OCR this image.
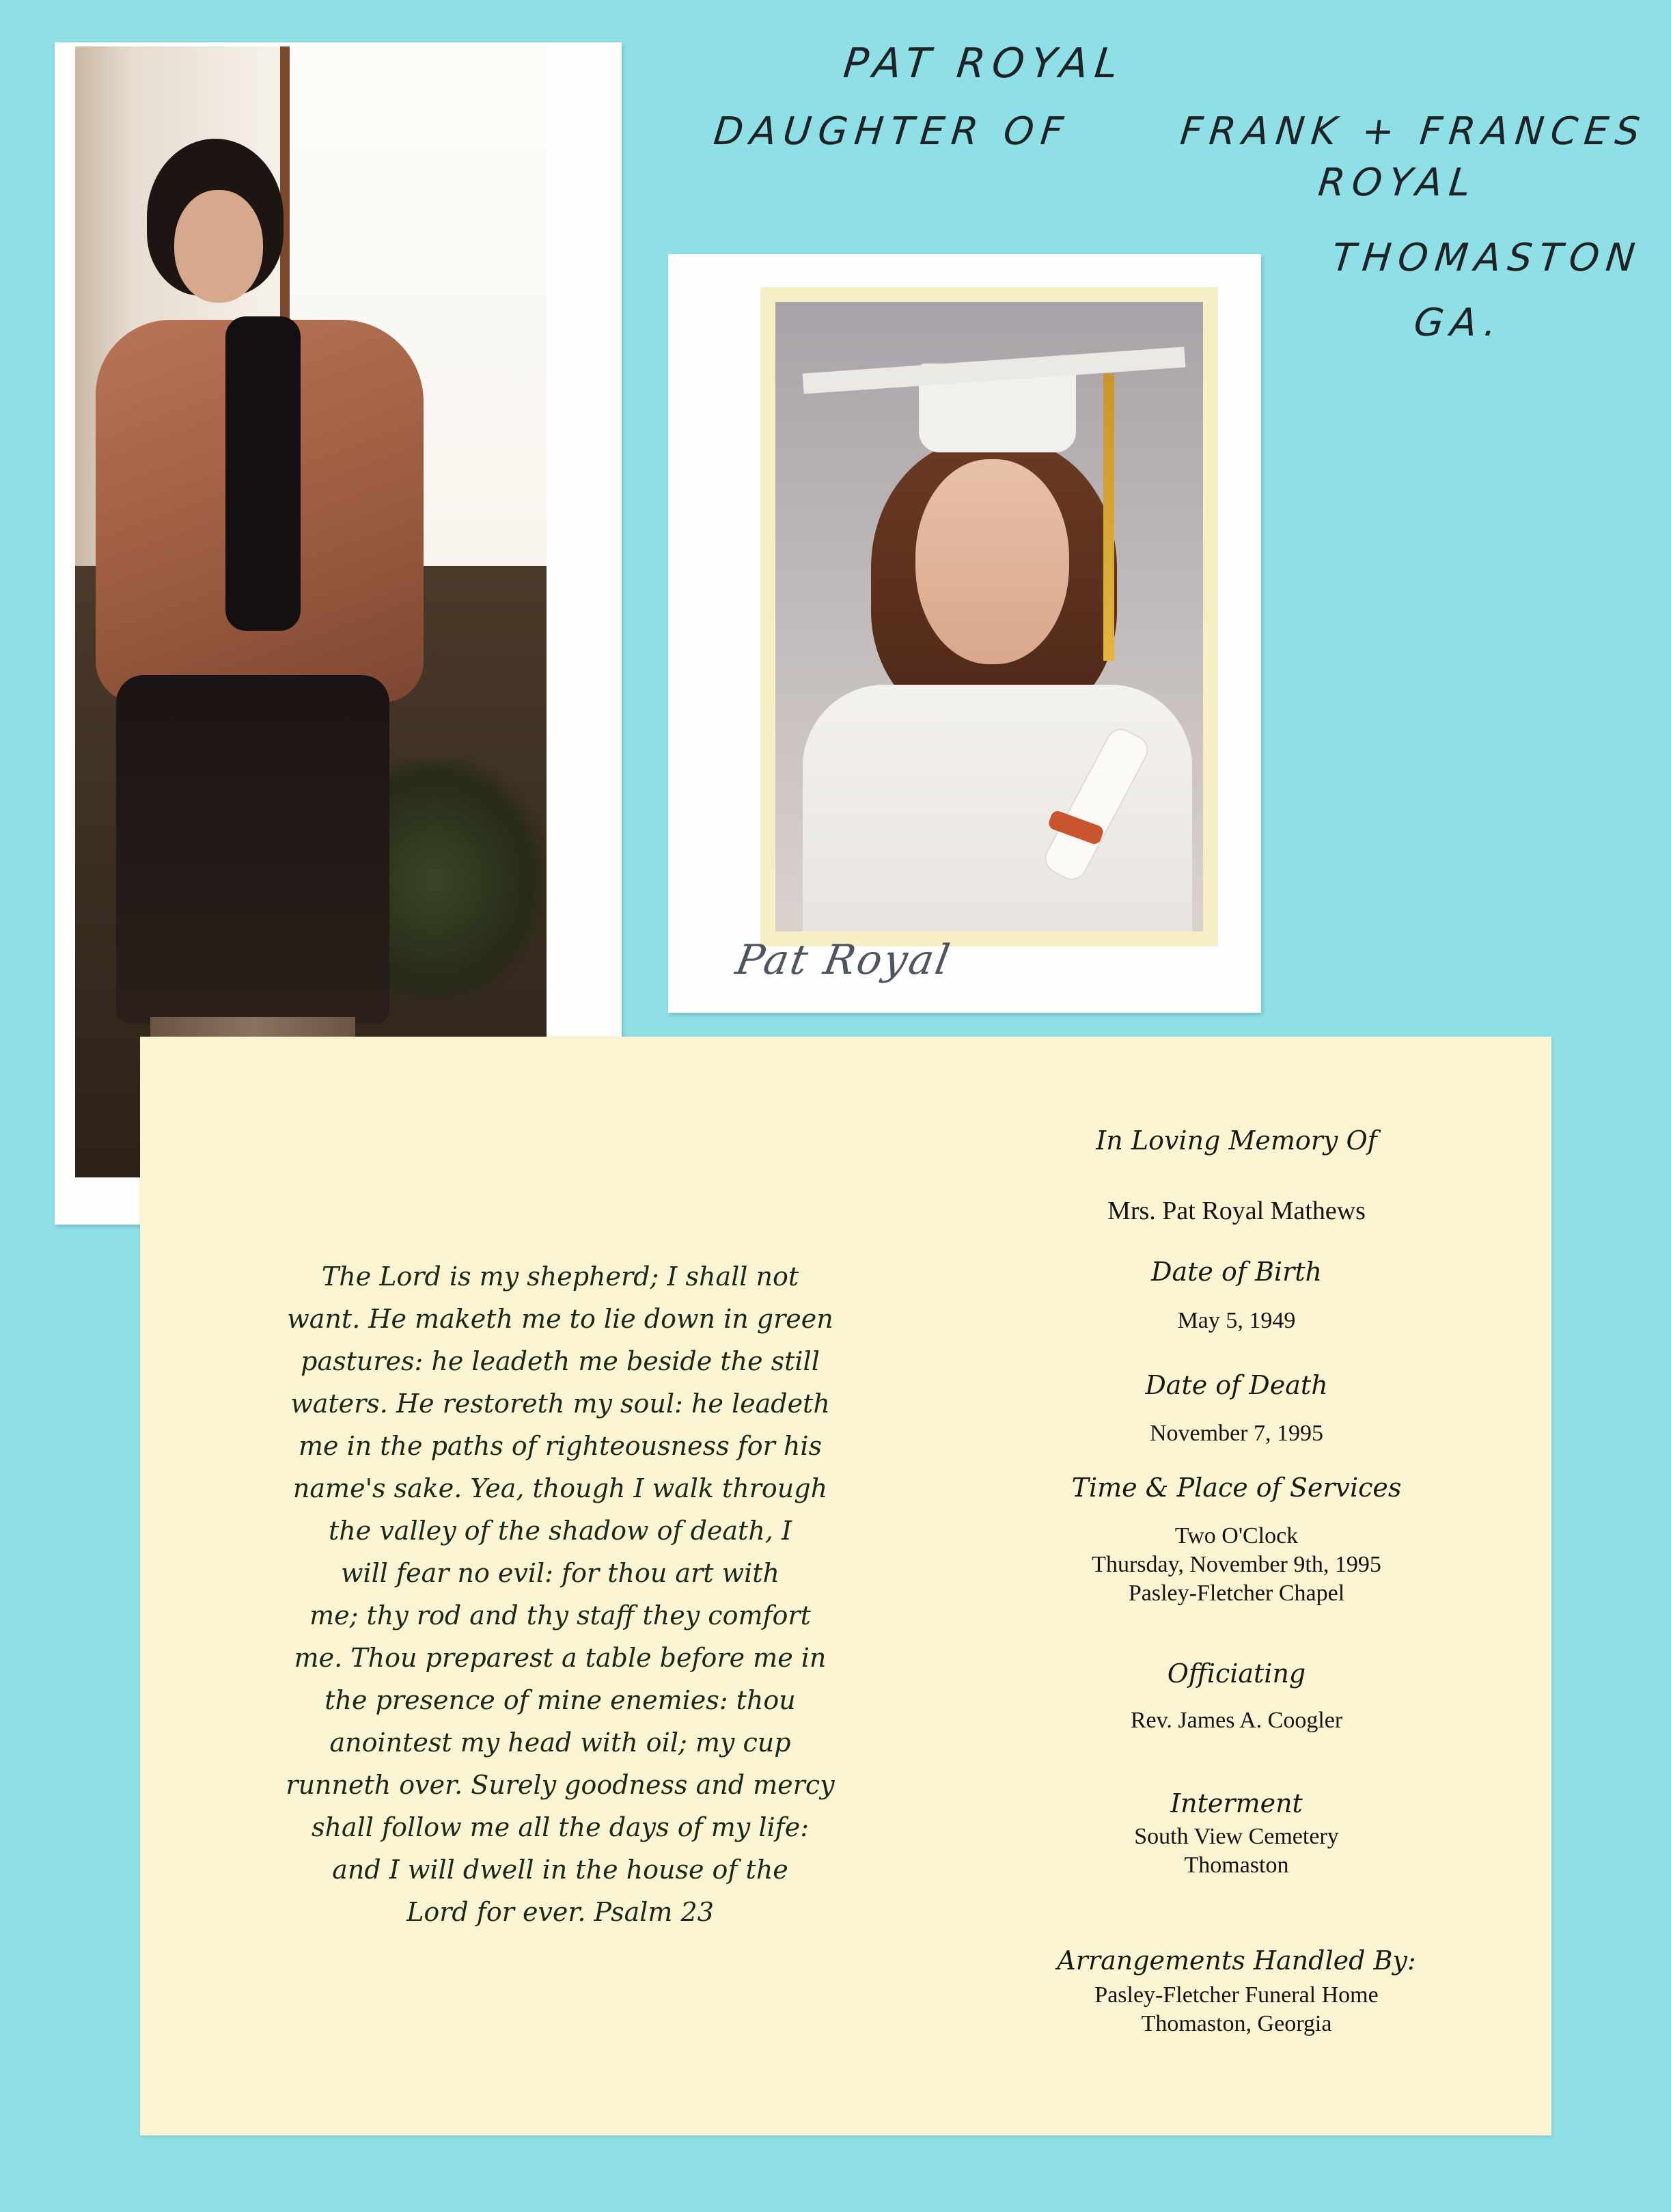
PAT ROYAL
DAUGHTER OF	FRANK + FRANCES
ROYAL
THOMASTON
GA.
Pat Royal
The Lord is my shepherd; I shall not
want. He maketh me to lie down in green
pastures: he leadeth me beside the still
waters. He restoreth my soul: he leadeth
me in the paths of righteousness for his
name's sake. Yea, though I walk through
the valley of the shadow of death, I
will fear no evil: for thou art with
me; thy rod and thy staff they comfort
me. Thou preparest a table before me in
the presence of mine enemies: thou
anointest my head with oil; my cup
runneth over. Surely goodness and mercy
shall follow me all the days of my life:
and I will dwell in the house of the
Lord for ever. Psalm 23
In Loving Memory Of
Mrs. Pat Royal Mathews
Date of Birth
May 5, 1949
Date of Death
November 7, 1995
Time & Place of Services
Two O'Clock
Thursday, November 9th, 1995
Pasley-Fletcher Chapel
Officiating
Rev. James A. Coogler
Interment
South View Cemetery
Thomaston
Arrangements Handled By:
Pasley-Fletcher Funeral Home
Thomaston, Georgia
